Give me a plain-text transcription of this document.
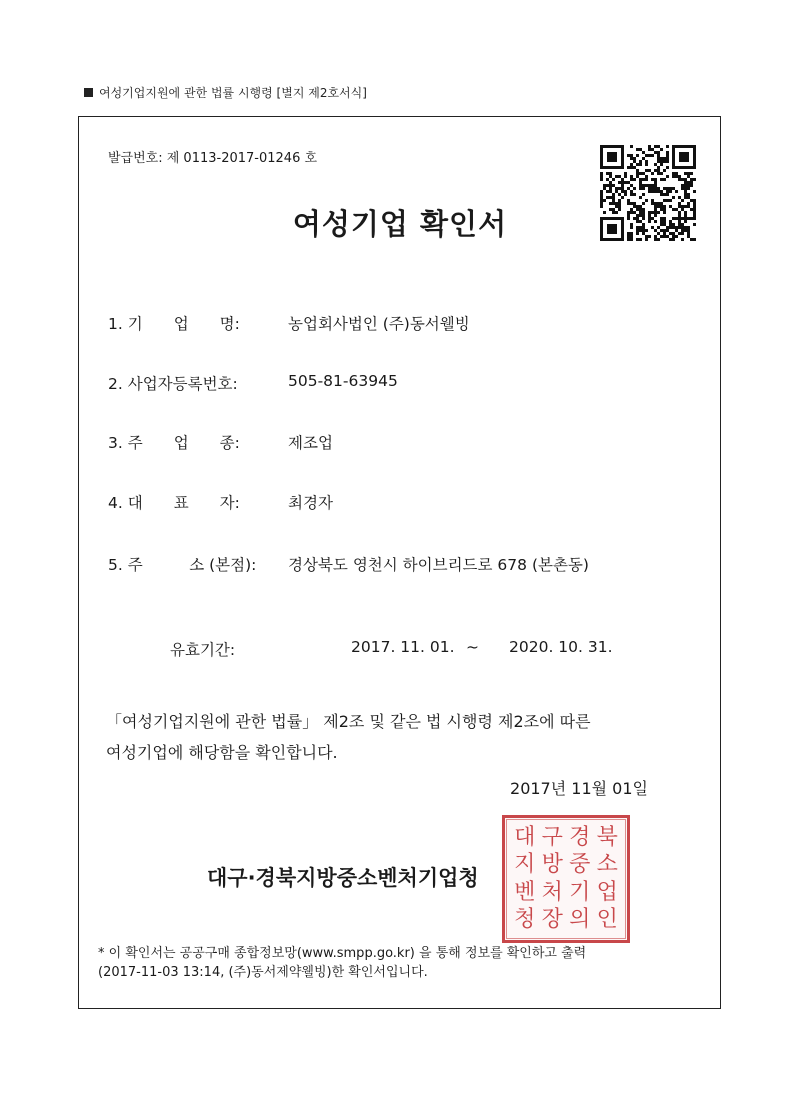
여성기업지원에 관한 법률 시행령 [별지 제2호서식]
발급번호: 제 0113-2017-01246 호
여성기업 확인서
1. 기　　업　　명:	농업회사법인 (주)동서웰빙
2. 사업자등록번호:	505-81-63945
3. 주　　업　　종:	제조업
4. 대　　표　　자:	최경자
5. 주　　　소 (본점):	경상북도 영천시 하이브리드로 678 (본촌동)
유효기간:	2017. 11. 01. ~ 2020. 10. 31.
「여성기업지원에 관한 법률」 제2조 및 같은 법 시행령 제2조에 따른
여성기업에 해당함을 확인합니다.
2017년 11월 01일
대구·경북지방중소벤처기업청
대 구 경 북
지 방 중 소
벤 처 기 업
청 장 의 인
* 이 확인서는 공공구매 종합정보망(www.smpp.go.kr) 을 통해 정보를 확인하고 출력
(2017-11-03 13:14, (주)동서제약웰빙)한 확인서입니다.
